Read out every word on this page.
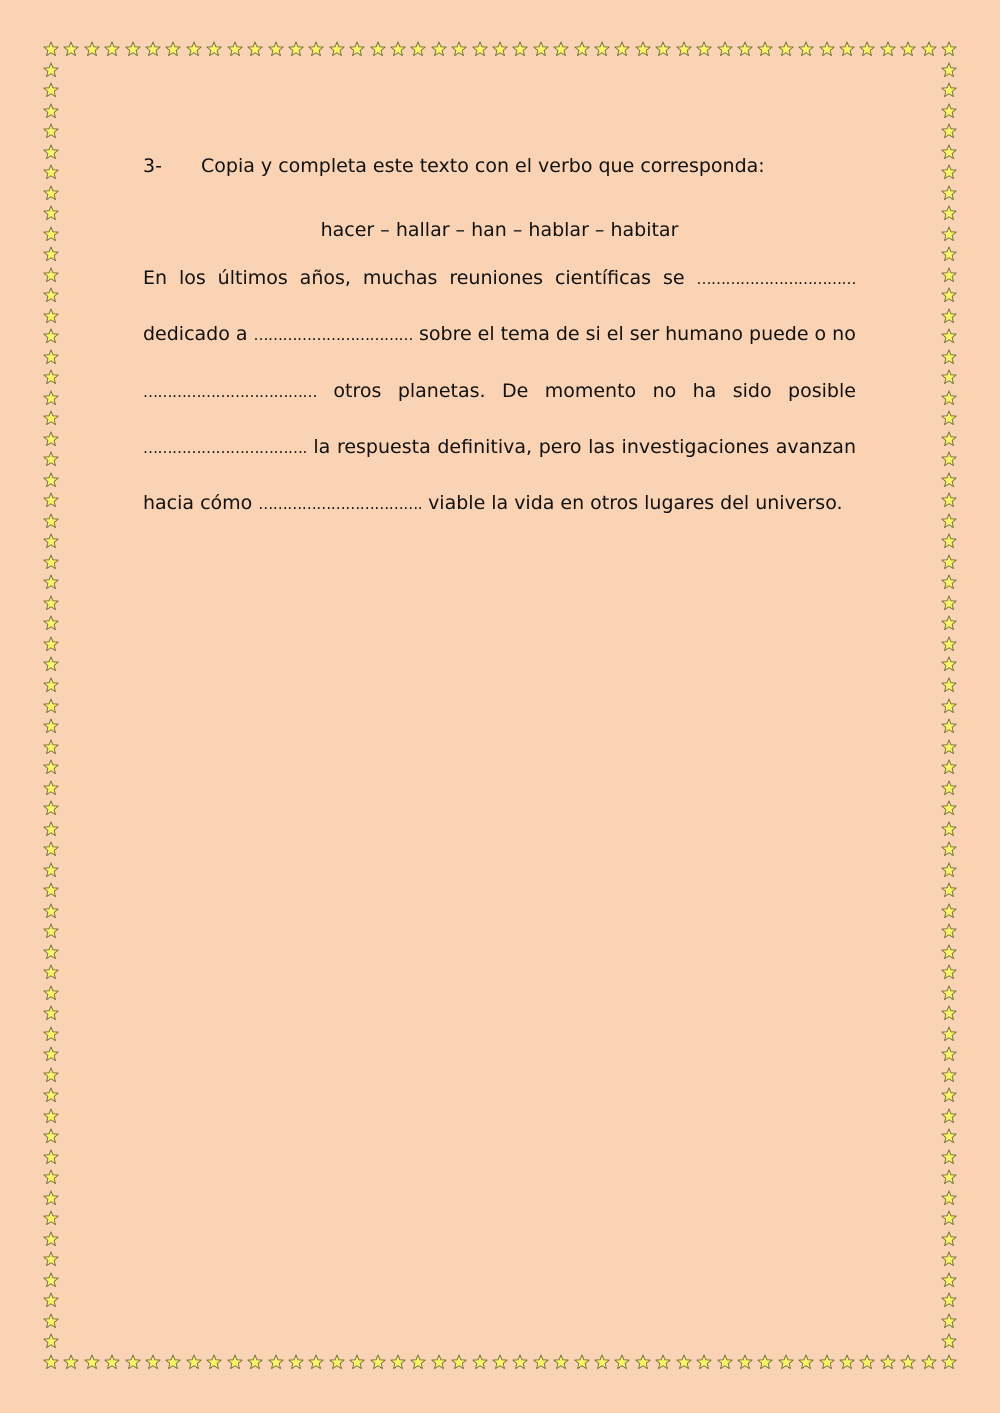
3- Copia y completa este texto con el verbo que corresponda:
hacer – hallar – han – hablar – habitar
En los últimos años, muchas reuniones científicas se ……………………………
dedicado a …………………………… sobre el tema de si el ser humano puede o no
……………………………… otros planetas. De momento no ha sido posible
……………………………. la respuesta definitiva, pero las investigaciones avanzan
hacia cómo ……………………………. viable la vida en otros lugares del universo.
